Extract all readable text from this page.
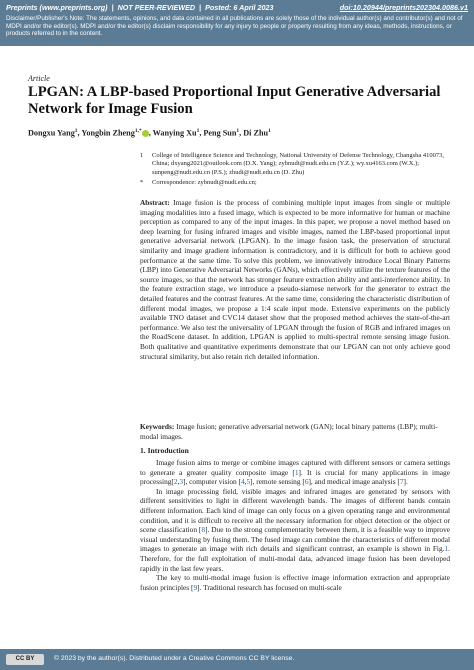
Preprints (www.preprints.org)  |  NOT PEER-REVIEWED  |  Posted: 6 April 2023	doi:10.20944/preprints202304.0086.v1
Disclaimer/Publisher's Note: The statements, opinions, and data contained in all publications are solely those of the individual author(s) and contributor(s) and not of MDPI and/or the editor(s). MDPI and/or the editor(s) disclaim responsibility for any injury to people or property resulting from any ideas, methods, instructions, or products referred to in the content.
Article
LPGAN: A LBP-based Proportional Input Generative Adversarial Network for Image Fusion
Dongxu Yang$^1$, Yongbin Zheng$^{1,*}$ , Wanying Xu$^1$, Peng Sun$^1$, Di Zhu$^1$
1 College of Intelligence Science and Technology, National University of Defense Technology, Changsha 410073, China; dxyang2021@outlook.com (D.X. Yang); zybnudt@nudt.edu.cn (Y.Z.); wy.xu4163.com (W.X.); sunpeng@nudt.edu.cn (P.S.); zhudi@nudt.edu.cn (D. Zhu)
* Correspondence: zybnudt@nudt.edu.cn;
Abstract: Image fusion is the process of combining multiple input images from single or multiple imaging modalities into a fused image, which is expected to be more informative for human or machine perception as compared to any of the input images. In this paper, we propose a novel method based on deep learning for fusing infrared images and visible images, named the LBP-based proportional input generative adversarial network (LPGAN). In the image fusion task, the preservation of structural similarity and image gradient information is contradictory, and it is difficult for both to achieve good performance at the same time. To solve this problem, we innovatively introduce Local Binary Patterns (LBP) into Generative Adversarial Networks (GANs), which effectively utilize the texture features of the source images, so that the network has stronger feature extraction ability and anti-interference ability. In the feature extraction stage, we introduce a pseudo-siamese network for the generator to extract the detailed features and the contrast features. At the same time, considering the characteristic distribution of different modal images, we propose a 1:4 scale input mode. Extensive experiments on the publicly available TNO dataset and CVC14 dataset show that the proposed method achieves the state-of-the-art performance. We also test the universality of LPGAN through the fusion of RGB and infrared images on the RoadScene dataset. In addition, LPGAN is applied to multi-spectral remote sensing image fusion. Both qualitative and quantitative experiments demonstrate that our LPGAN can not only achieve good structural similarity, but also retain rich detailed information.
Keywords: Image fusion; generative adversarial network (GAN); local binary patterns (LBP); multi-modal images.
1. Introduction

Image fusion aims to merge or combine images captured with different sensors or camera settings to generate a greater quality composite image [1]. It is crucial for many applications in image processing[2,3], computer vision [4,5], remote sensing [6], and medical image analysis [7].

In image processing field, visible images and infrared images are generated by sensors with different sensitivities to light in different wavelength bands. The images of different bands contain different information. Each kind of image can only focus on a given operating range and environmental condition, and it is difficult to receive all the necessary information for object detection or the object or scene classification [8]. Due to the strong complementarity between them, it is a feasible way to improve visual understanding by fusing them. The fused image can combine the characteristics of different modal images to generate an image with rich details and significant contrast, an example is shown in Fig.1. Therefore, for the full exploitation of multi-modal data, advanced image fusion has been developed rapidly in the last few years.

The key to multi-modal image fusion is effective image information extraction and appropriate fusion principles [9]. Traditional research has focused on multi-scale

CC BY	© 2023 by the author(s). Distributed under a Creative Commons CC BY license.
